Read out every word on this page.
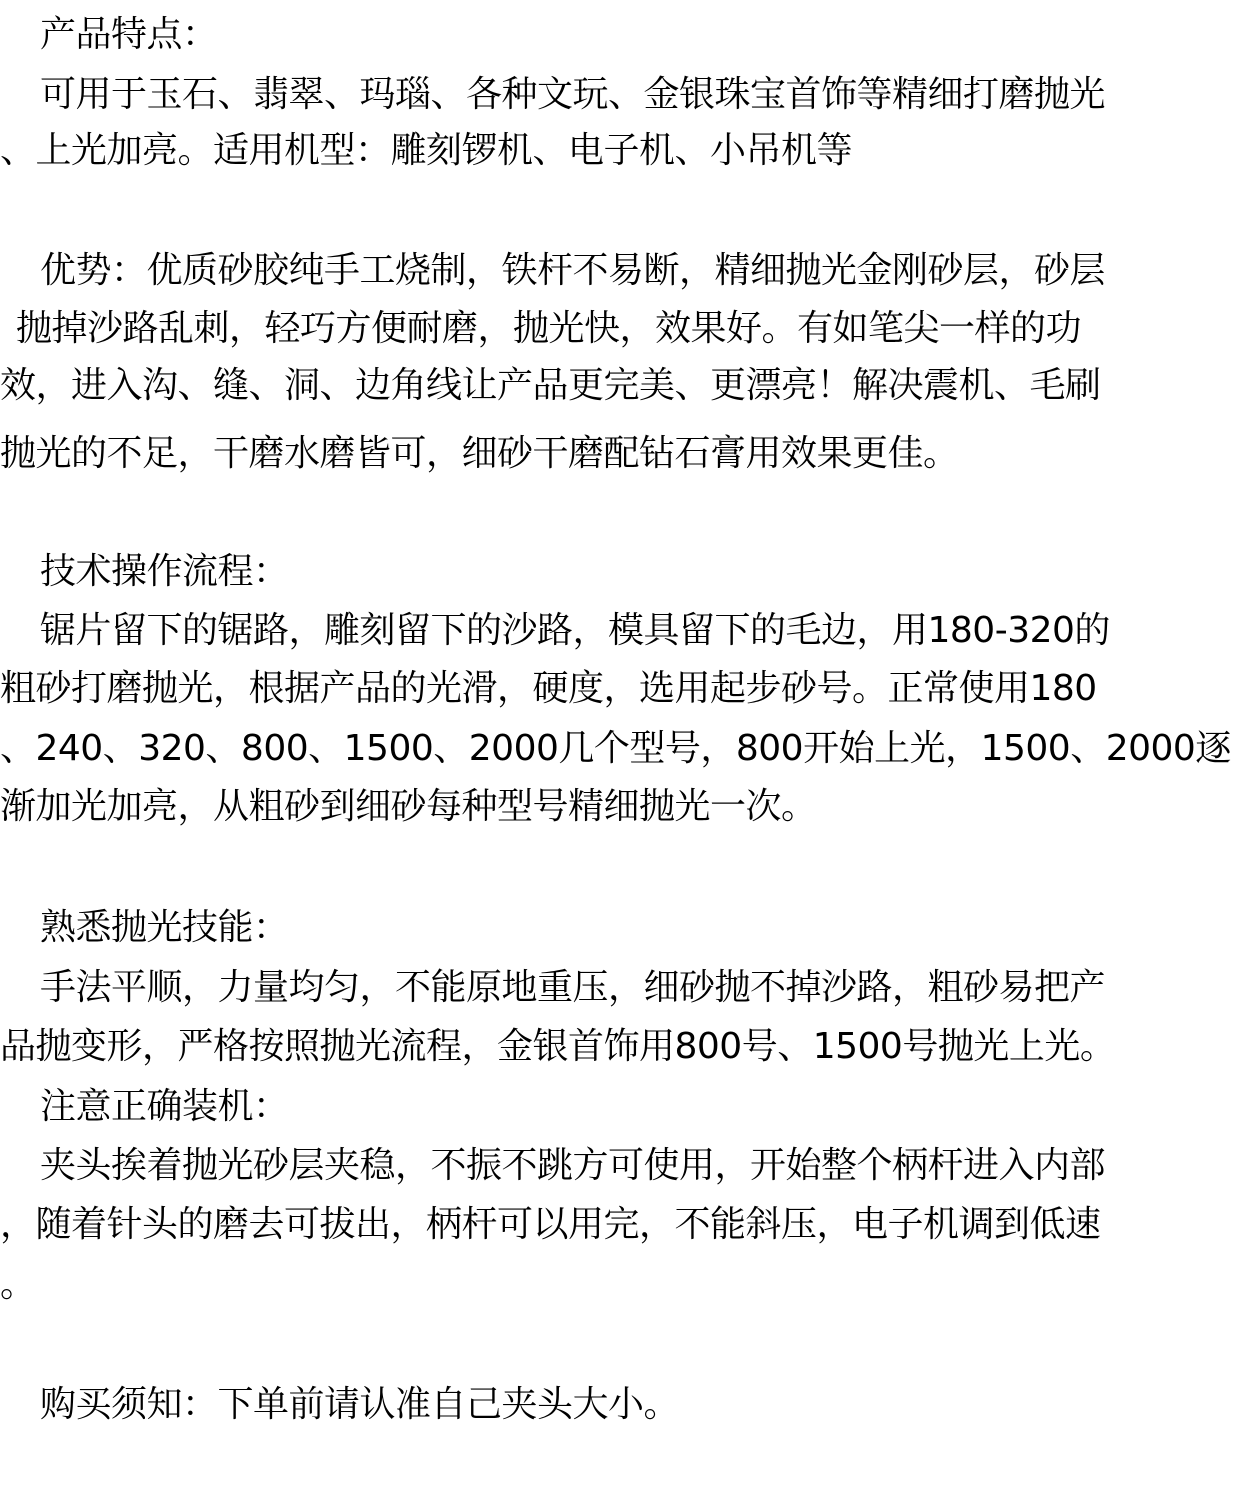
产品特点：
可用于玉石、翡翠、玛瑙、各种文玩、金银珠宝首饰等精细打磨抛光
、上光加亮。适用机型：雕刻锣机、电子机、小吊机等
优势：优质砂胶纯手工烧制，铁杆不易断，精细抛光金刚砂层，砂层
抛掉沙路乱刺，轻巧方便耐磨，抛光快，效果好。有如笔尖一样的功
效，进入沟、缝、洞、边角线让产品更完美、更漂亮！解决震机、毛刷
抛光的不足，干磨水磨皆可，细砂干磨配钻石膏用效果更佳。
技术操作流程：
锯片留下的锯路，雕刻留下的沙路，模具留下的毛边，用180-320的
粗砂打磨抛光，根据产品的光滑，硬度，选用起步砂号。正常使用180
、240、320、800、1500、2000几个型号，800开始上光，1500、2000逐
渐加光加亮，从粗砂到细砂每种型号精细抛光一次。
熟悉抛光技能：
手法平顺，力量均匀，不能原地重压，细砂抛不掉沙路，粗砂易把产
品抛变形，严格按照抛光流程，金银首饰用800号、1500号抛光上光。
注意正确装机：
夹头挨着抛光砂层夹稳，不振不跳方可使用，开始整个柄杆进入内部
，随着针头的磨去可拔出，柄杆可以用完，不能斜压，电子机调到低速
。
购买须知：下单前请认准自己夹头大小。
